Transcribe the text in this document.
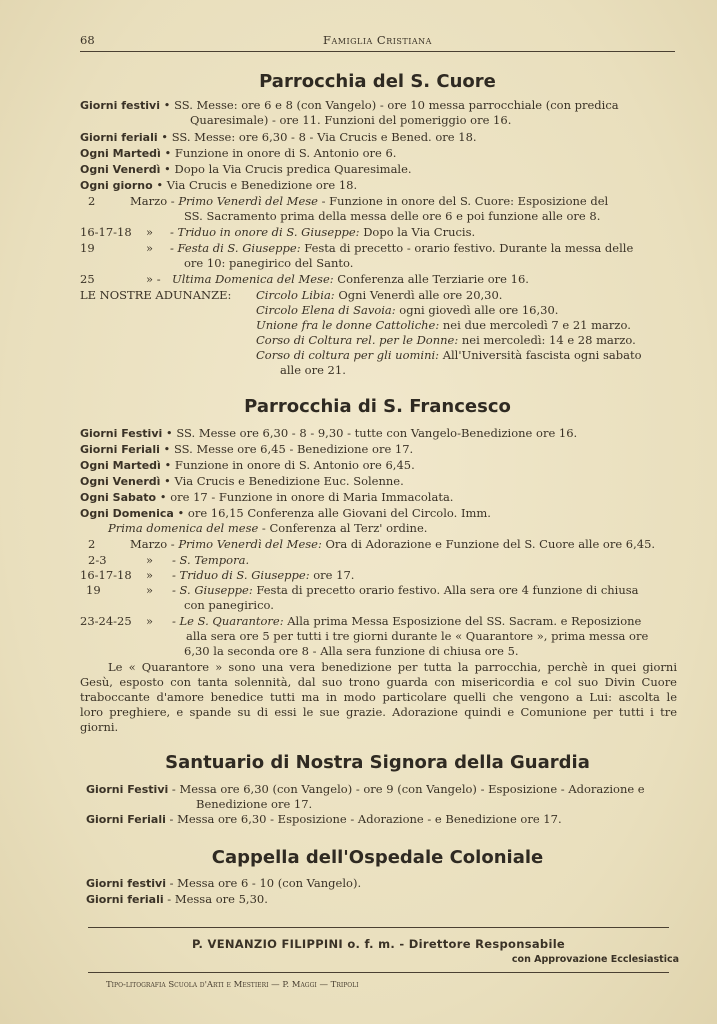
68	Famiglia Cristiana
Parrocchia del S. Cuore
Giorni festivi • SS. Messe: ore 6 e 8 (con Vangelo) - ore 10 messa parrocchiale (con predica
Quaresimale) - ore 11. Funzioni del pomeriggio ore 16.
Giorni feriali • SS. Messe: ore 6,30 - 8 - Via Crucis e Bened. ore 18.
Ogni Martedì • Funzione in onore di S. Antonio ore 6.
Ogni Venerdì • Dopo la Via Crucis predica Quaresimale.
Ogni giorno • Via Crucis e Benedizione ore 18.
2	Marzo - Primo Venerdì del Mese - Funzione in onore del S. Cuore: Esposizione del
SS. Sacramento prima della messa delle ore 6 e poi funzione alle ore 8.
16-17-18 » - Triduo in onore di S. Giuseppe: Dopo la Via Crucis.
19	» - Festa di S. Giuseppe: Festa di precetto - orario festivo. Durante la messa delle
ore 10: panegirico del Santo.
25	» - Ultima Domenica del Mese: Conferenza alle Terziarie ore 16.
LE NOSTRE ADUNANZE: Circolo Libia: Ogni Venerdì alle ore 20,30.
Circolo Elena di Savoia: ogni giovedì alle ore 16,30.
Unione fra le donne Cattoliche: nei due mercoledì 7 e 21 marzo.
Corso di Coltura rel. per le Donne: nei mercoledì: 14 e 28 marzo.
Corso di coltura per gli uomini: All'Università fascista ogni sabato
alle ore 21.
Parrocchia di S. Francesco
Giorni Festivi • SS. Messe ore 6,30 - 8 - 9,30 - tutte con Vangelo-Benedizione ore 16.
Giorni Feriali • SS. Messe ore 6,45 - Benedizione ore 17.
Ogni Martedì • Funzione in onore di S. Antonio ore 6,45.
Ogni Venerdì • Via Crucis e Benedizione Euc. Solenne.
Ogni Sabato • ore 17 - Funzione in onore di Maria Immacolata.
Ogni Domenica • ore 16,15 Conferenza alle Giovani del Circolo. Imm.
Prima domenica del mese - Conferenza al Terz' ordine.
2	Marzo - Primo Venerdì del Mese: Ora di Adorazione e Funzione del S. Cuore alle ore 6,45.
2-3	» - S. Tempora.
16-17-18 » - Triduo di S. Giuseppe: ore 17.
19	» - S. Giuseppe: Festa di precetto orario festivo. Alla sera ore 4 funzione di chiusa
con panegirico.
23-24-25 » - Le S. Quarantore: Alla prima Messa Esposizione del SS. Sacram. e Reposizione
alla sera ore 5 per tutti i tre giorni durante le « Quarantore », prima messa ore
6,30 la seconda ore 8 - Alla sera funzione di chiusa ore 5.
Le « Quarantore » sono una vera benedizione per tutta la parrocchia, perchè in quei giorni
Gesù, esposto con tanta solennità, dal suo trono guarda con misericordia e col suo Divin Cuore
traboccante d'amore benedice tutti ma in modo particolare quelli che vengono a Lui: ascolta le
loro preghiere, e spande su di essi le sue grazie. Adorazione quindi e Comunione per tutti i tre
giorni.
Santuario di Nostra Signora della Guardia
Giorni Festivi - Messa ore 6,30 (con Vangelo) - ore 9 (con Vangelo) - Esposizione - Adorazione e
Benedizione ore 17.
Giorni Feriali - Messa ore 6,30 - Esposizione - Adorazione - e Benedizione ore 17.
Cappella dell'Ospedale Coloniale
Giorni festivi - Messa ore 6 - 10 (con Vangelo).
Giorni feriali - Messa ore 5,30.
P. VENANZIO FILIPPINI o. f. m. - Direttore Responsabile
con Approvazione Ecclesiastica
Tipo-litografia Scuola d'Arti e Mestieri — P. Maggi — Tripoli
